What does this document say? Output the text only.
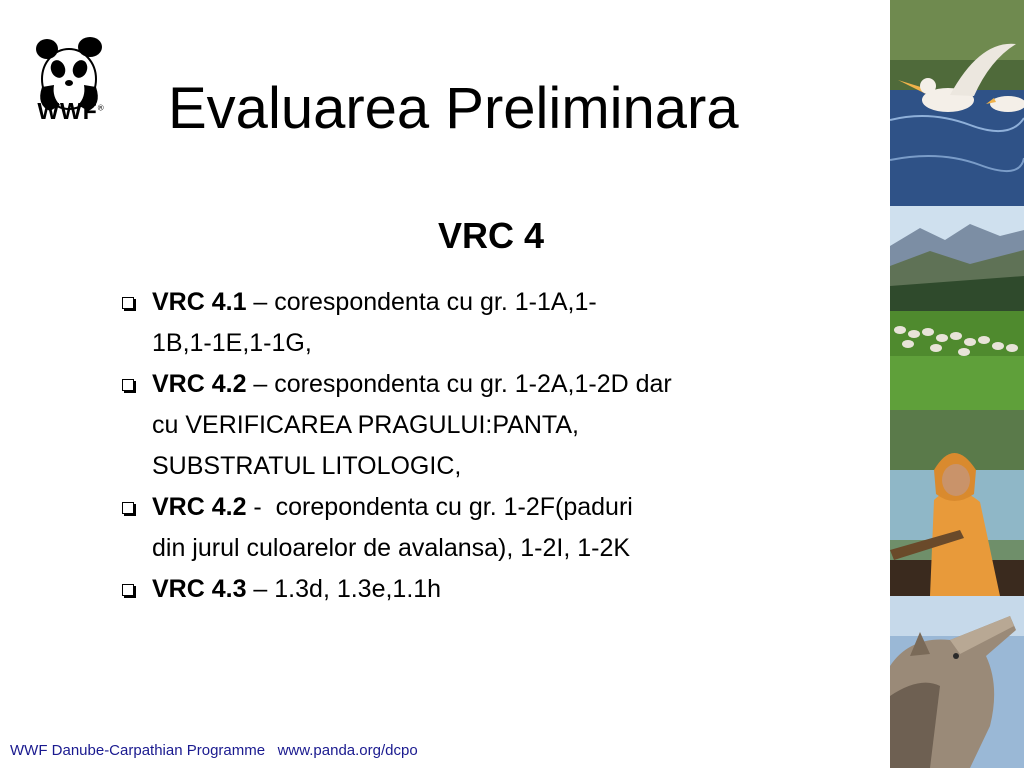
WWF® Evaluarea Preliminara
VRC 4
VRC 4.1 – corespondenta cu gr. 1-1A,1-
1B,1-1E,1-1G,
VRC 4.2 – corespondenta cu gr. 1-2A,1-2D dar
cu VERIFICAREA PRAGULUI:PANTA,
SUBSTRATUL LITOLOGIC,
VRC 4.2 -  corepondenta cu gr. 1-2F(paduri
din jurul culoarelor de avalansa), 1-2I, 1-2K
VRC 4.3 – 1.3d, 1.3e,1.1h
WWF Danube-Carpathian Programme   www.panda.org/dcpo
